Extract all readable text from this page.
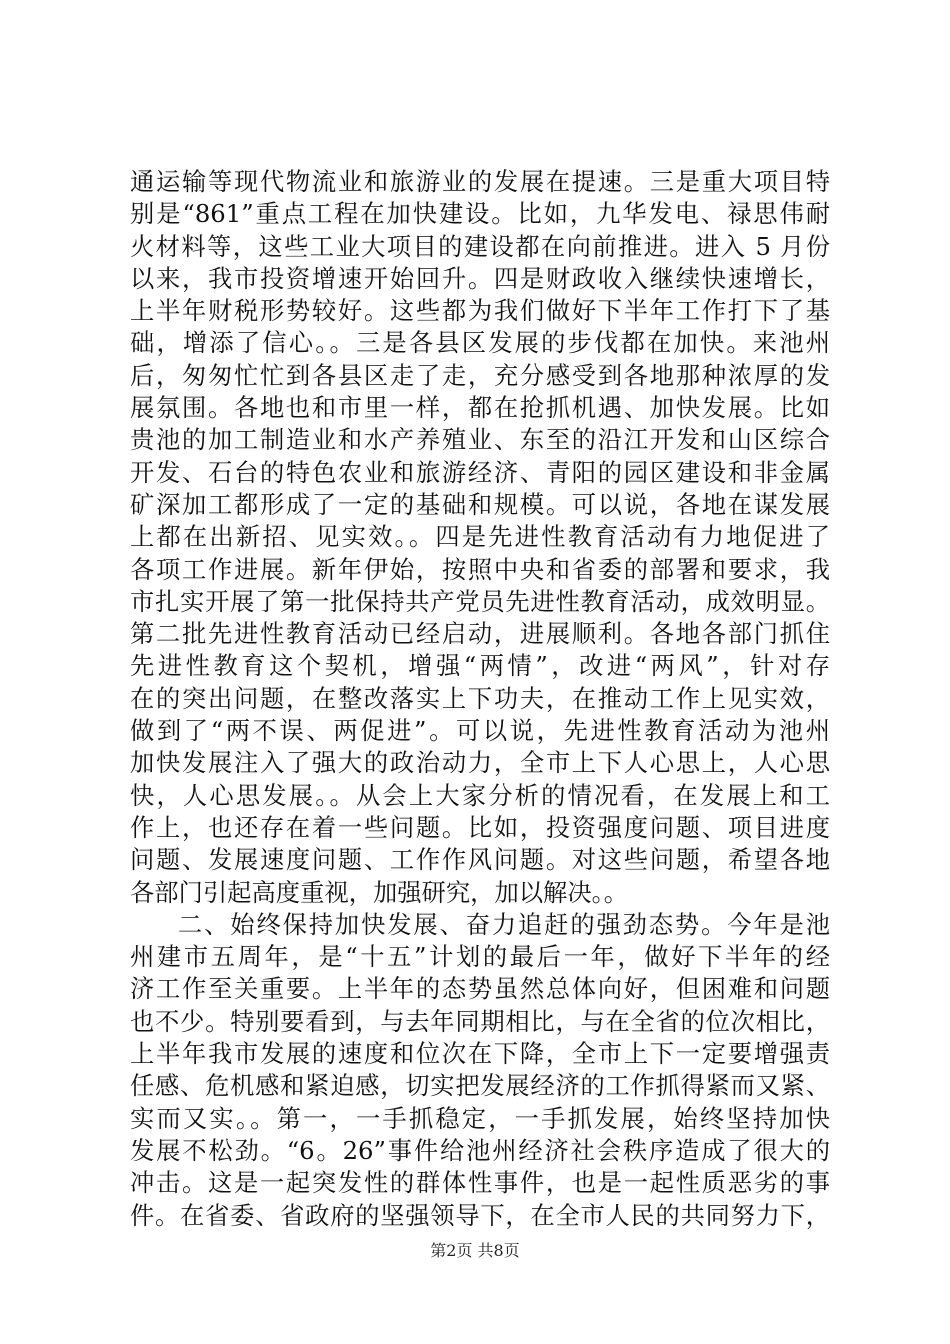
通运输等现代物流业和旅游业的发展在提速。三是重大项目特
别是“861”重点工程在加快建设。比如，九华发电、禄思伟耐
火材料等，这些工业大项目的建设都在向前推进。进入 5 月份
以来，我市投资增速开始回升。四是财政收入继续快速增长，
上半年财税形势较好。这些都为我们做好下半年工作打下了基
础，增添了信心。。三是各县区发展的步伐都在加快。来池州
后，匆匆忙忙到各县区走了走，充分感受到各地那种浓厚的发
展氛围。各地也和市里一样，都在抢抓机遇、加快发展。比如
贵池的加工制造业和水产养殖业、东至的沿江开发和山区综合
开发、石台的特色农业和旅游经济、青阳的园区建设和非金属
矿深加工都形成了一定的基础和规模。可以说，各地在谋发展
上都在出新招、见实效。。四是先进性教育活动有力地促进了
各项工作进展。新年伊始，按照中央和省委的部署和要求，我
市扎实开展了第一批保持共产党员先进性教育活动，成效明显。
第二批先进性教育活动已经启动，进展顺利。各地各部门抓住
先进性教育这个契机，增强“两情”，改进“两风”，针对存
在的突出问题，在整改落实上下功夫，在推动工作上见实效，
做到了“两不误、两促进”。可以说，先进性教育活动为池州
加快发展注入了强大的政治动力，全市上下人心思上，人心思
快，人心思发展。。从会上大家分析的情况看，在发展上和工
作上，也还存在着一些问题。比如，投资强度问题、项目进度
问题、发展速度问题、工作作风问题。对这些问题，希望各地
各部门引起高度重视，加强研究，加以解决。。
二、始终保持加快发展、奋力追赶的强劲态势。今年是池
州建市五周年，是“十五”计划的最后一年，做好下半年的经
济工作至关重要。上半年的态势虽然总体向好，但困难和问题
也不少。特别要看到，与去年同期相比，与在全省的位次相比，
上半年我市发展的速度和位次在下降，全市上下一定要增强责
任感、危机感和紧迫感，切实把发展经济的工作抓得紧而又紧、
实而又实。。第一，一手抓稳定，一手抓发展，始终坚持加快
发展不松劲。“6。26”事件给池州经济社会秩序造成了很大的
冲击。这是一起突发性的群体性事件，也是一起性质恶劣的事
件。在省委、省政府的坚强领导下，在全市人民的共同努力下，
第2页 共8页
